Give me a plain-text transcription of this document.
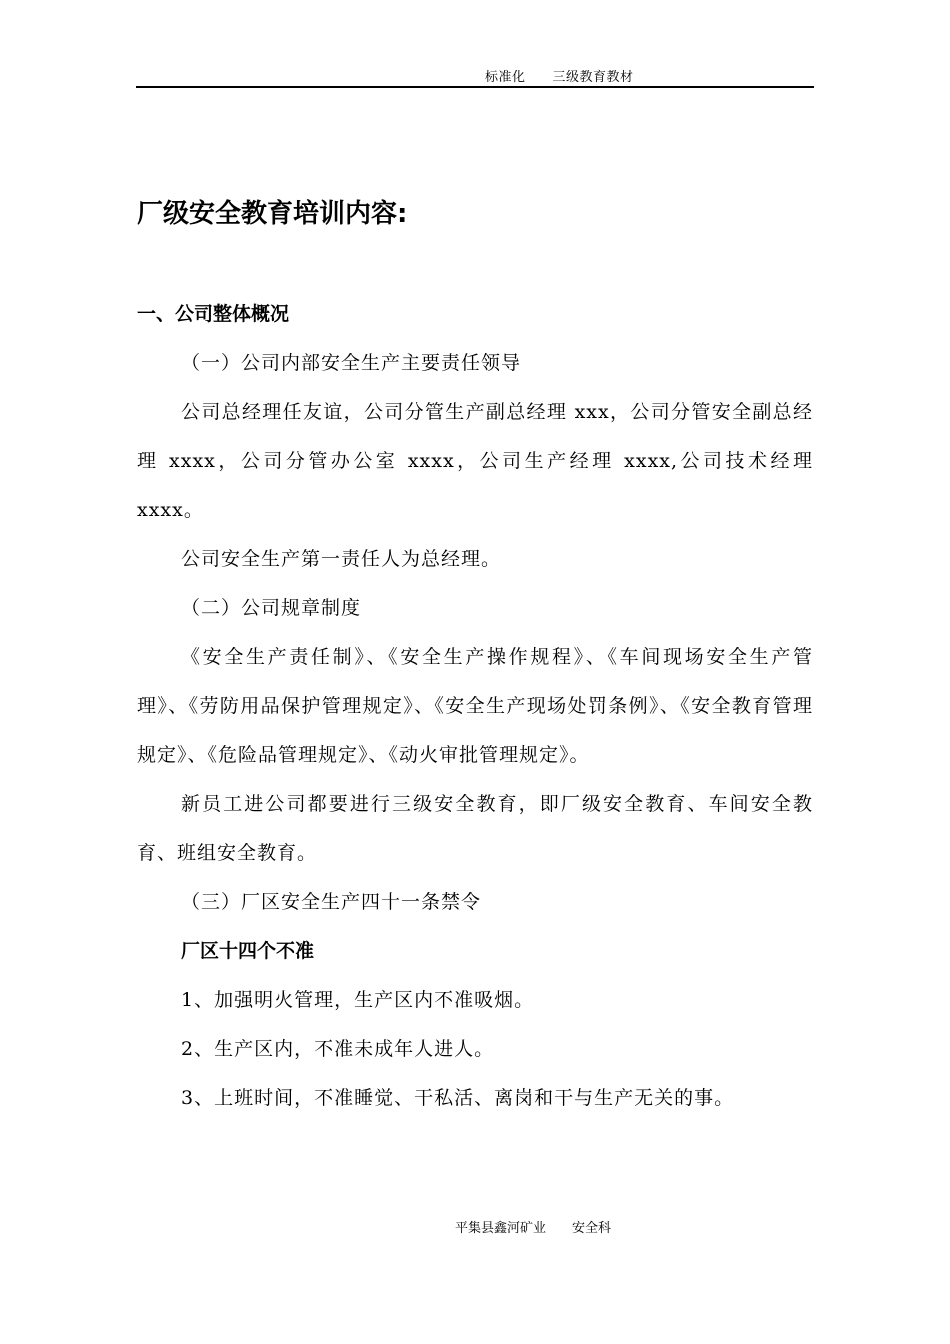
标准化　　三级教育教材
厂级安全教育培训内容:

一、公司整体概况

（一）公司内部安全生产主要责任领导

公司总经理任友谊，公司分管生产副总经理 xxx，公司分管安全副总经理 xxxx，公司分管办公室 xxxx，公司生产经理 xxxx,公司技术经理 xxxx。

公司安全生产第一责任人为总经理。

（二）公司规章制度

《安全生产责任制》、《安全生产操作规程》、《车间现场安全生产管理》、《劳防用品保护管理规定》、《安全生产现场处罚条例》、《安全教育管理规定》、《危险品管理规定》、《动火审批管理规定》。

新员工进公司都要进行三级安全教育，即厂级安全教育、车间安全教育、班组安全教育。

（三）厂区安全生产四十一条禁令

厂区十四个不准

1、加强明火管理，生产区内不准吸烟。

2、生产区内，不准未成年人进人。

3、上班时间，不准睡觉、干私活、离岗和干与生产无关的事。

平集县鑫河矿业　　安全科
